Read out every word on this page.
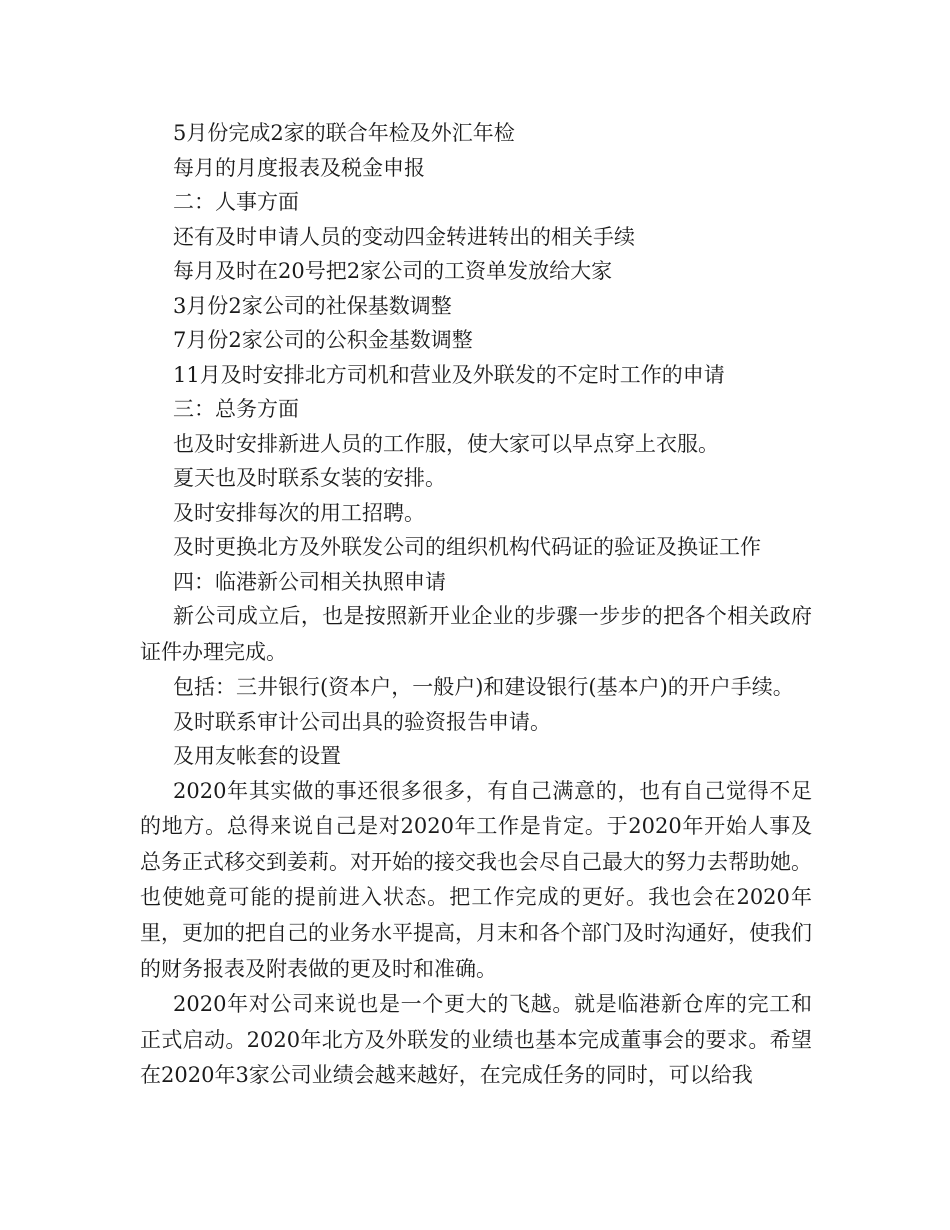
5月份完成2家的联合年检及外汇年检

每月的月度报表及税金申报

二：人事方面

还有及时申请人员的变动四金转进转出的相关手续

每月及时在20号把2家公司的工资单发放给大家

3月份2家公司的社保基数调整

7月份2家公司的公积金基数调整

11月及时安排北方司机和营业及外联发的不定时工作的申请

三：总务方面

也及时安排新进人员的工作服，使大家可以早点穿上衣服。

夏天也及时联系女装的安排。

及时安排每次的用工招聘。

及时更换北方及外联发公司的组织机构代码证的验证及换证工作

四：临港新公司相关执照申请

新公司成立后，也是按照新开业企业的步骤一步步的把各个相关政府证件办理完成。

包括：三井银行(资本户，一般户)和建设银行(基本户)的开户手续。

及时联系审计公司出具的验资报告申请。

及用友帐套的设置

2020年其实做的事还很多很多，有自己满意的，也有自己觉得不足的地方。总得来说自己是对2020年工作是肯定。于2020年开始人事及总务正式移交到姜莉。对开始的接交我也会尽自己最大的努力去帮助她。也使她竟可能的提前进入状态。把工作完成的更好。我也会在2020年里，更加的把自己的业务水平提高，月末和各个部门及时沟通好，使我们的财务报表及附表做的更及时和准确。

2020年对公司来说也是一个更大的飞越。就是临港新仓库的完工和正式启动。2020年北方及外联发的业绩也基本完成董事会的要求。希望在2020年3家公司业绩会越来越好，在完成任务的同时，可以给我
